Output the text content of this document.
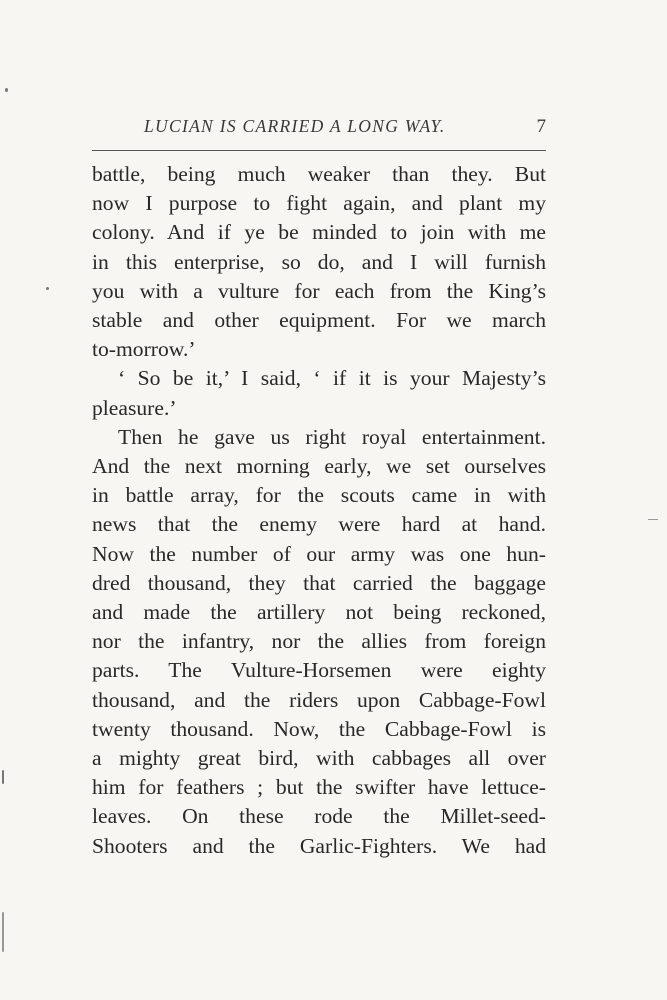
LUCIAN IS CARRIED A LONG WAY.	7
battle, being much weaker than they. But
now I purpose to fight again, and plant my
colony. And if ye be minded to join with me
in this enterprise, so do, and I will furnish
you with a vulture for each from the King’s
stable and other equipment. For we march
to-morrow.’
‘ So be it,’ I said, ‘ if it is your Majesty’s
pleasure.’
Then he gave us right royal entertainment.
And the next morning early, we set ourselves
in battle array, for the scouts came in with
news that the enemy were hard at hand.
Now the number of our army was one hun-
dred thousand, they that carried the baggage
and made the artillery not being reckoned,
nor the infantry, nor the allies from foreign
parts. The Vulture-Horsemen were eighty
thousand, and the riders upon Cabbage-Fowl
twenty thousand. Now, the Cabbage-Fowl is
a mighty great bird, with cabbages all over
him for feathers ; but the swifter have lettuce-
leaves. On these rode the Millet-seed-
Shooters and the Garlic-Fighters. We had
